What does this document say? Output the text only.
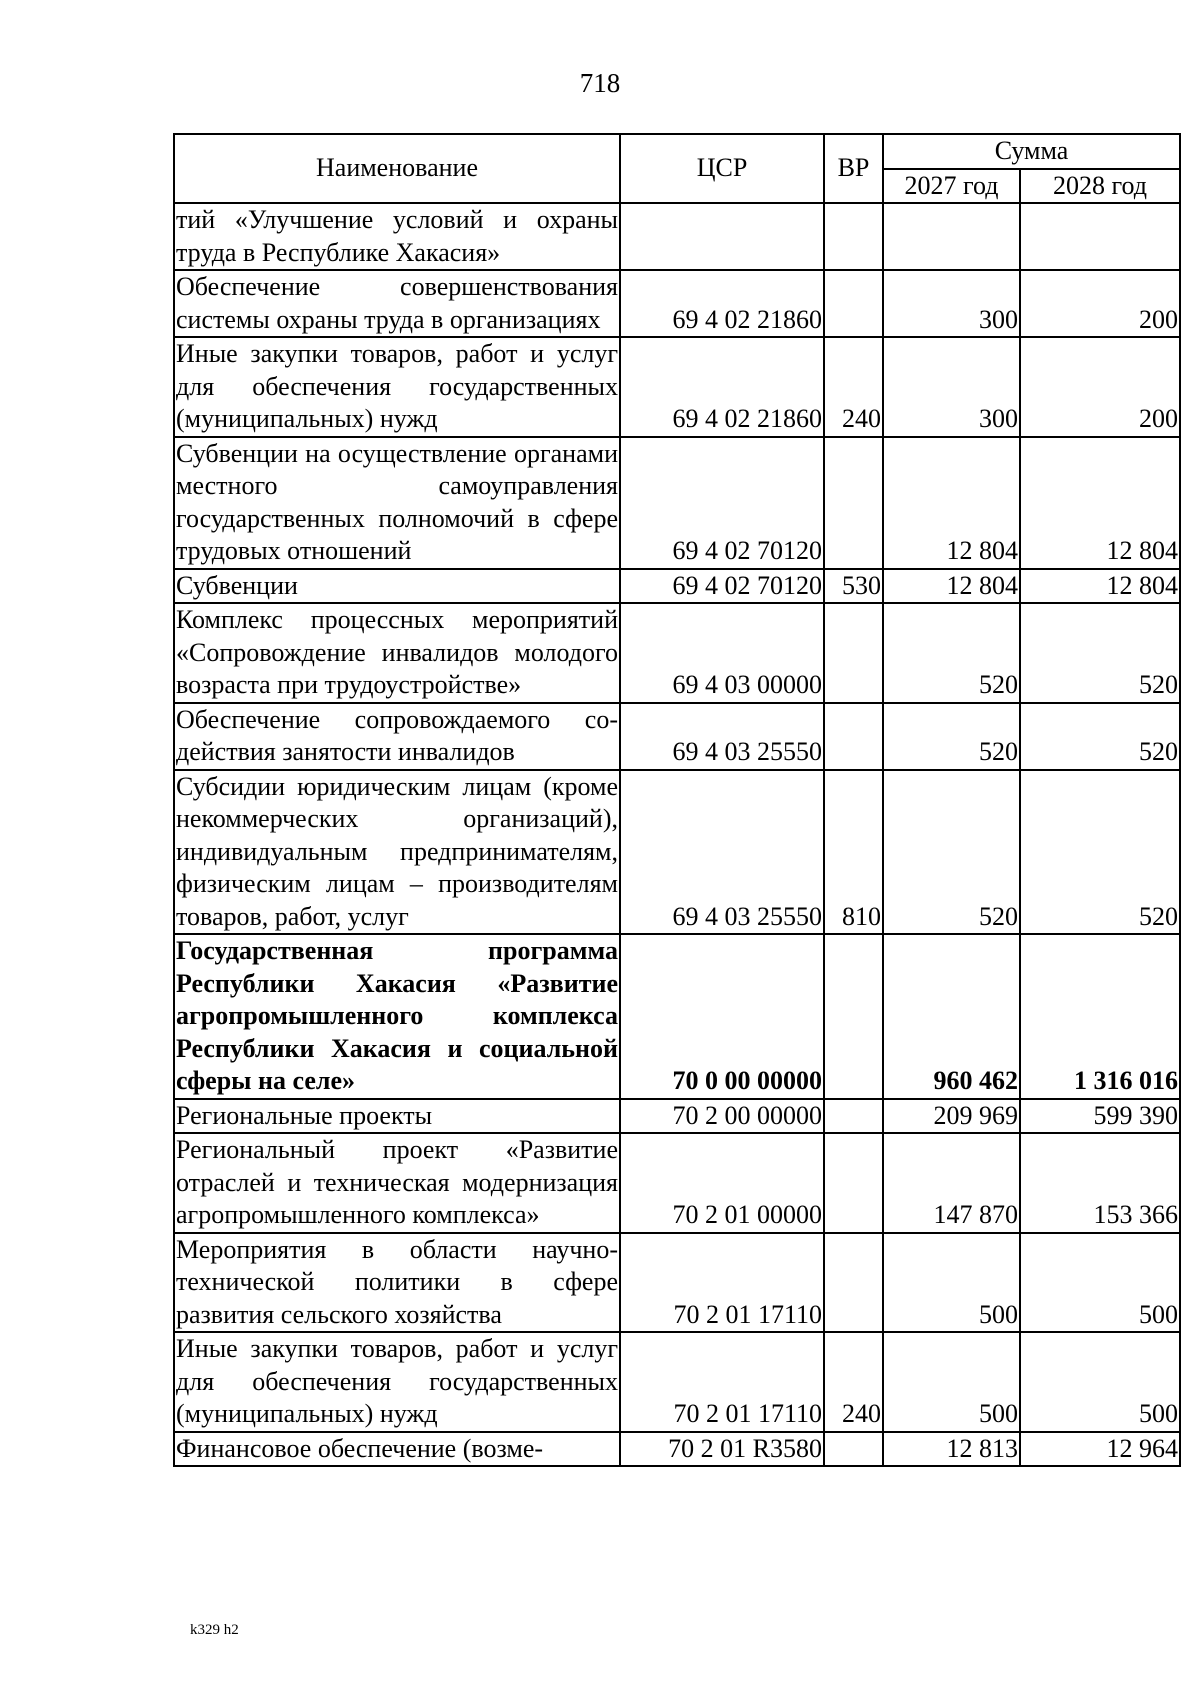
718
Наименование	ЦСР	ВР	Сумма	
			2027 год	2028 год
тий «Улучшение условий и охраны труда в Республике Хакасия»				
Обеспечение совершенствования системы охраны труда в организациях	69 4 02 21860		300	200
Иные закупки товаров, работ и услуг для обеспечения государственных (муниципальных) нужд	69 4 02 21860	240	300	200
Субвенции на осуществление органами местного самоуправления государственных полномочий в сфере трудовых отношений	69 4 02 70120		12 804	12 804
Субвенции	69 4 02 70120	530	12 804	12 804
Комплекс процессных мероприятий «Сопровождение инвалидов молодого возраста при трудоустройстве»	69 4 03 00000		520	520
Обеспечение сопровождаемого содействия занятости инвалидов	69 4 03 25550		520	520
Субсидии юридическим лицам (кроме некоммерческих организаций), индивидуальным предпринимателям, физическим лицам – производителям товаров, работ, услуг	69 4 03 25550	810	520	520
Государственная программа Республики Хакасия «Развитие агропромышленного комплекса Республики Хакасия и социальной сферы на селе»	70 0 00 00000		960 462	1 316 016
Региональные проекты	70 2 00 00000		209 969	599 390
Региональный проект «Развитие отраслей и техническая модернизация агропромышленного комплекса»	70 2 01 00000		147 870	153 366
Мероприятия в области научно-технической политики в сфере развития сельского хозяйства	70 2 01 17110		500	500
Иные закупки товаров, работ и услуг для обеспечения государственных (муниципальных) нужд	70 2 01 17110	240	500	500
Финансовое обеспечение (возме-	70 2 01 R3580		12 813	12 964
k329 h2
